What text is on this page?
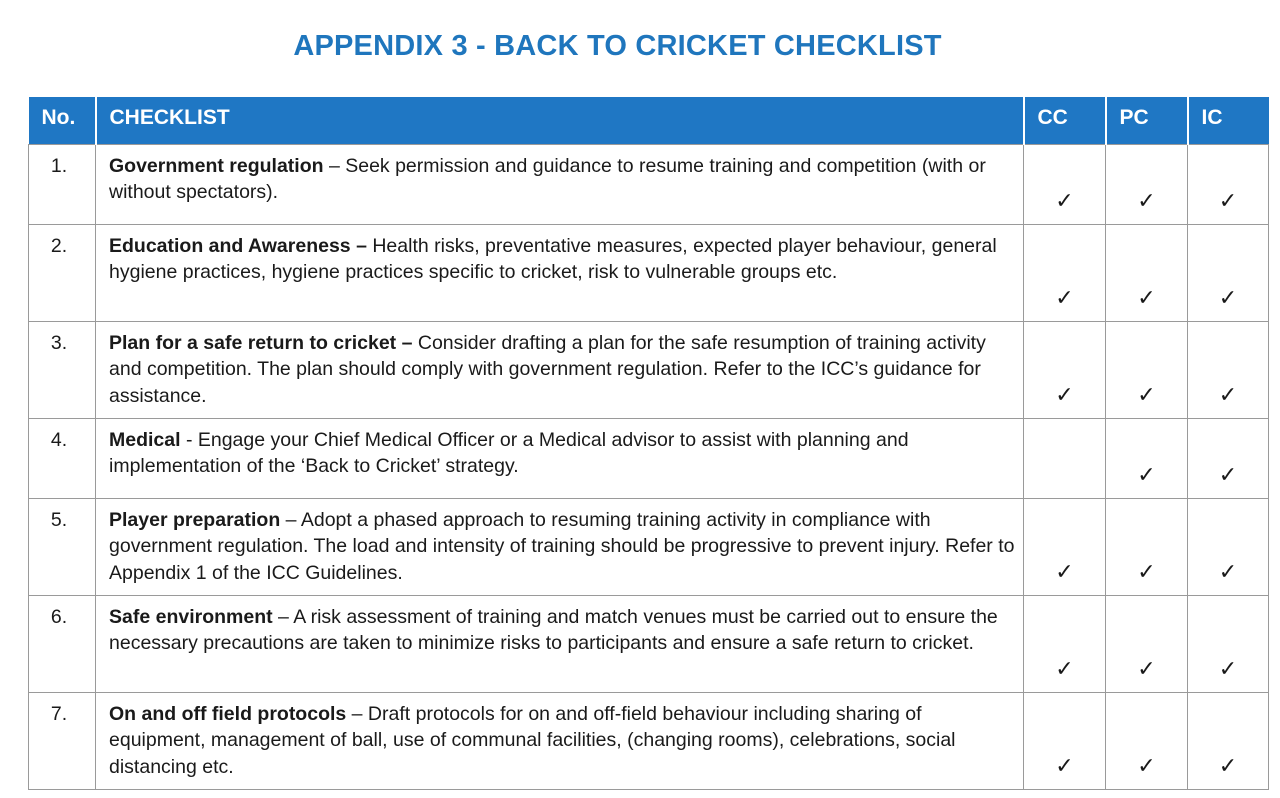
APPENDIX 3 - BACK TO CRICKET CHECKLIST
No.	CHECKLIST	CC	PC	IC
1.	Government regulation – Seek permission and guidance to resume training and competition (with or without spectators).	✓	✓	✓
2.	Education and Awareness – Health risks, preventative measures, expected player behaviour, general hygiene practices, hygiene practices specific to cricket, risk to vulnerable groups etc.	✓	✓	✓
3.	Plan for a safe return to cricket – Consider drafting a plan for the safe resumption of training activity and competition. The plan should comply with government regulation. Refer to the ICC’s guidance for assistance.	✓	✓	✓
4.	Medical - Engage your Chief Medical Officer or a Medical advisor to assist with planning and implementation of the ‘Back to Cricket’ strategy.		✓	✓
5.	Player preparation – Adopt a phased approach to resuming training activity in compliance with government regulation. The load and intensity of training should be progressive to prevent injury. Refer to Appendix 1 of the ICC Guidelines.	✓	✓	✓
6.	Safe environment – A risk assessment of training and match venues must be carried out to ensure the necessary precautions are taken to minimize risks to participants and ensure a safe return to cricket.	✓	✓	✓
7.	On and off field protocols – Draft protocols for on and off-field behaviour including sharing of equipment, management of ball, use of communal facilities, (changing rooms), celebrations, social distancing etc.	✓	✓	✓
